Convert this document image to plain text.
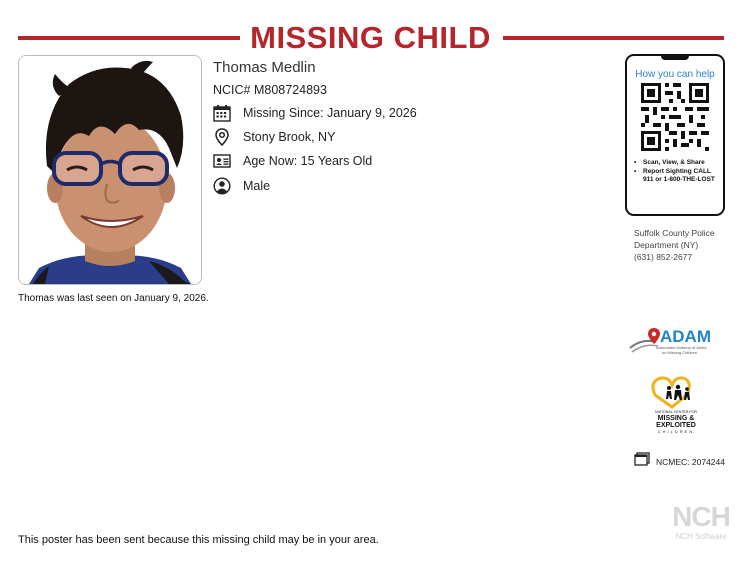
MISSING CHILD
Thomas Medlin
NCIC# M808724893
Missing Since: January 9, 2026
Stony Brook, NY
Age Now: 15 Years Old
Male
How you can help
• Scan, View, & Share
• Report Sighting CALL 911 or 1-800-THE-LOST
Suffolk County Police
Department (NY)
(631) 852-2677
Thomas was last seen on January 9, 2026.
ADAM
Automated Delivery of Alerts
on Missing Children
NATIONAL CENTER FOR
MISSING &
EXPLOITED
CHILDREN
NCMEC: 2074244
NCH
NCH Software
This poster has been sent because this missing child may be in your area.
